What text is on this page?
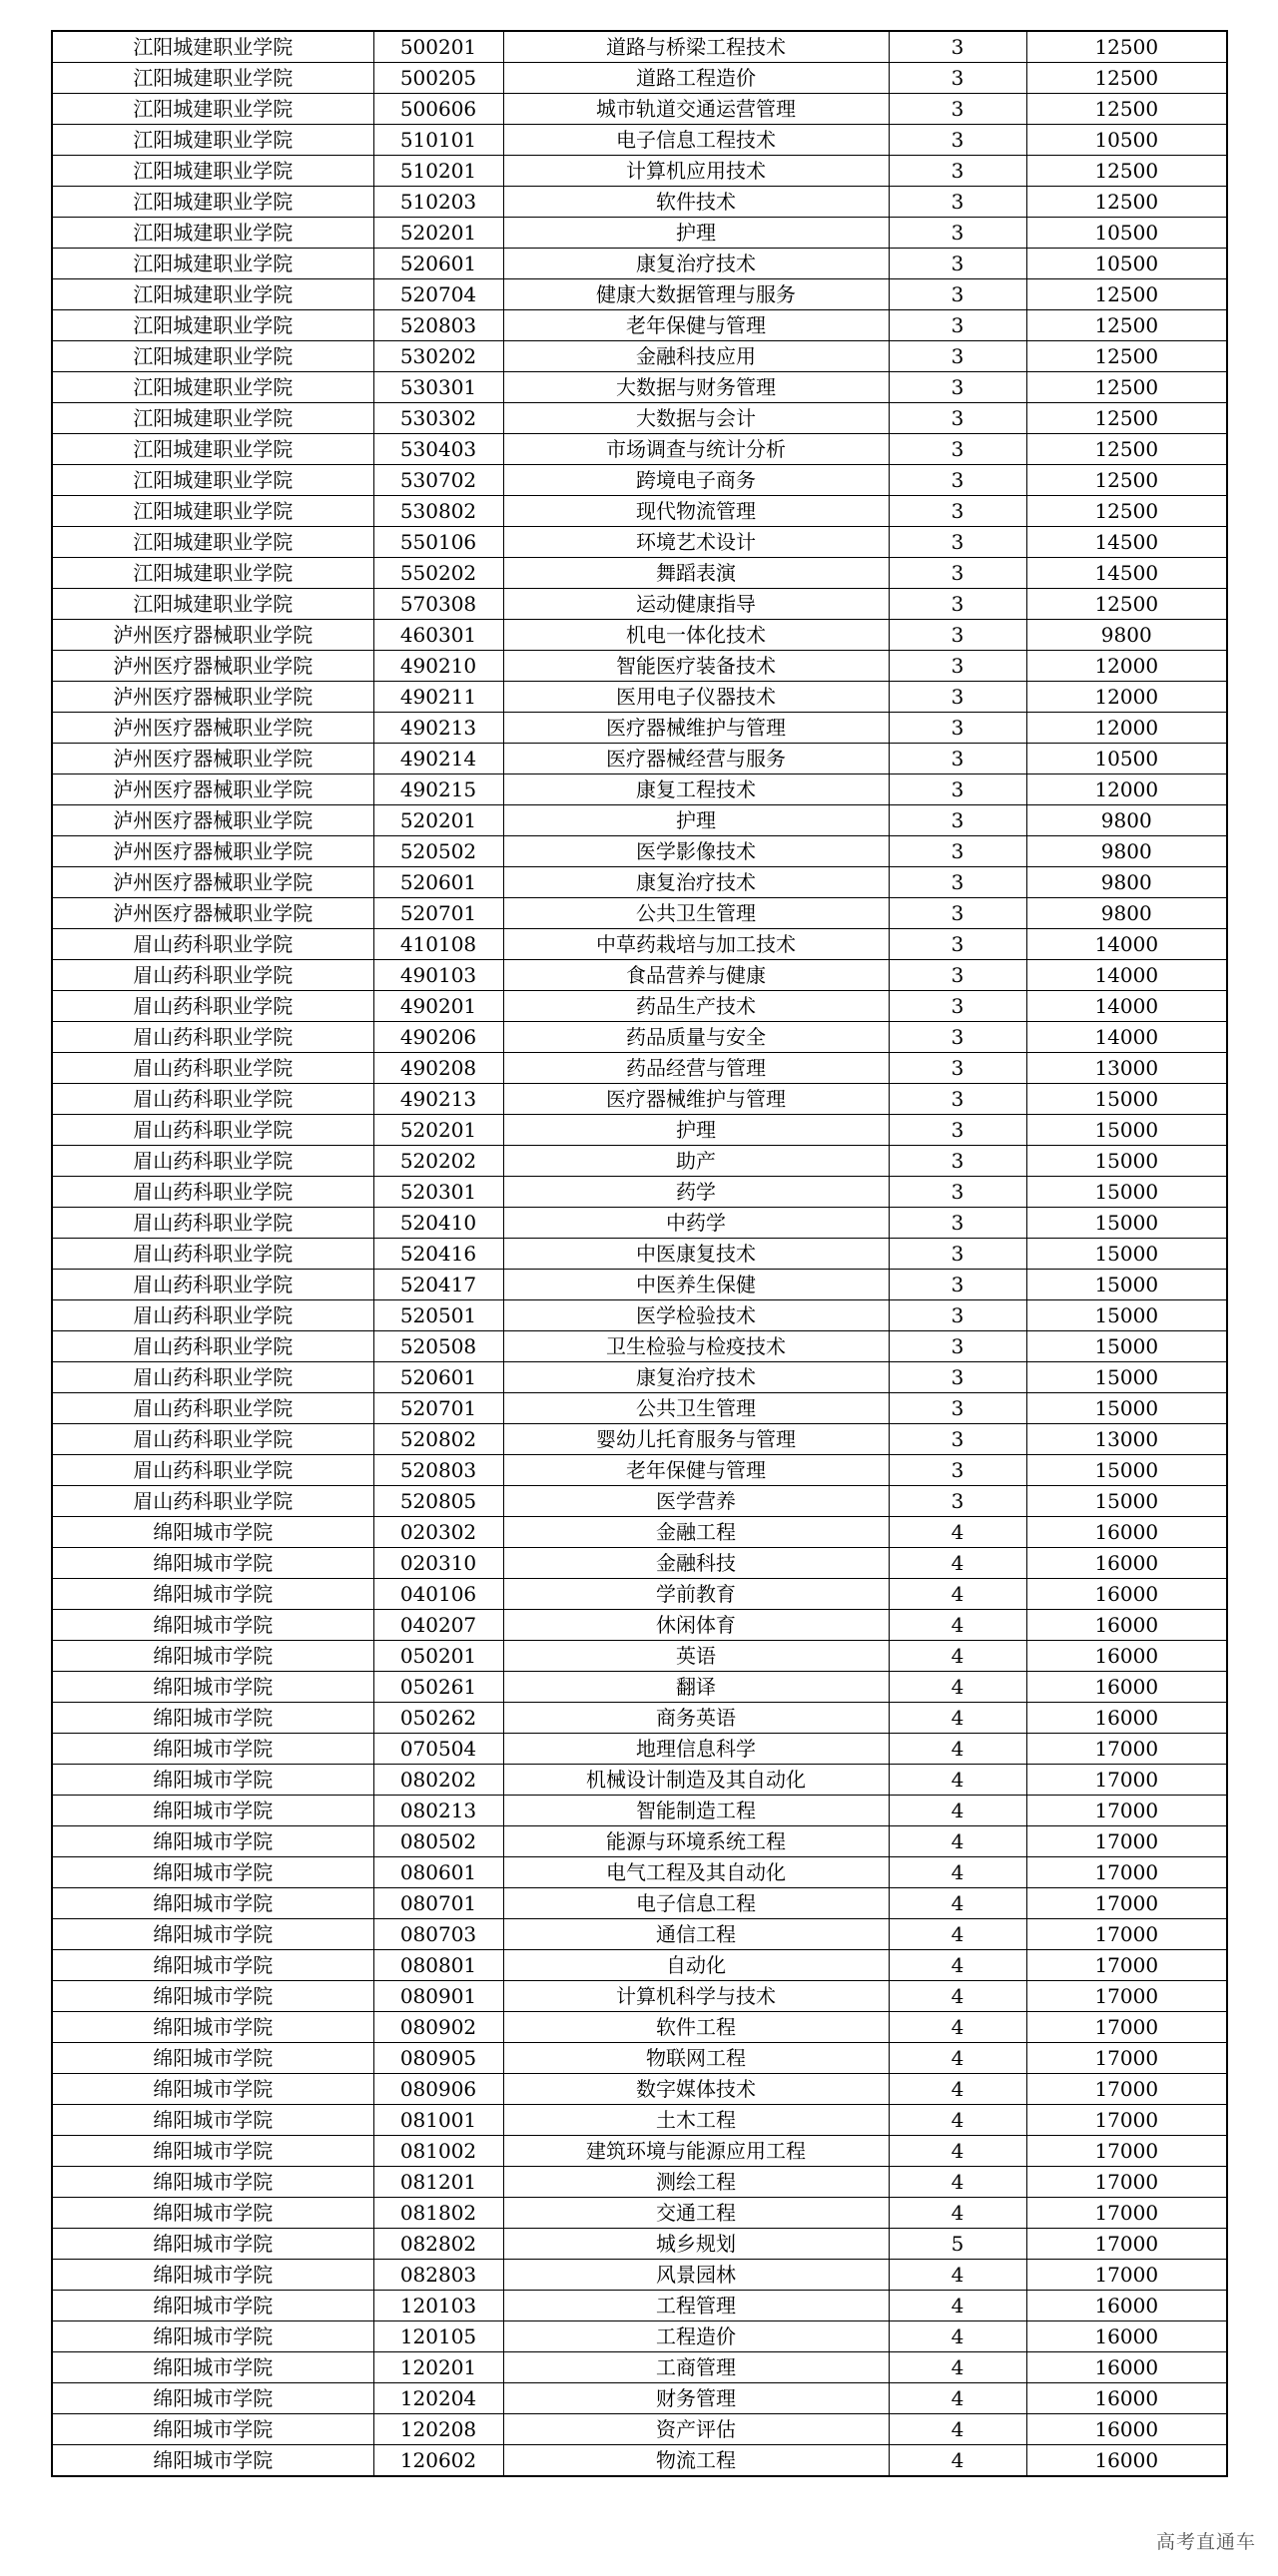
江阳城建职业学院	500201	道路与桥梁工程技术	3	12500
江阳城建职业学院	500205	道路工程造价	3	12500
江阳城建职业学院	500606	城市轨道交通运营管理	3	12500
江阳城建职业学院	510101	电子信息工程技术	3	10500
江阳城建职业学院	510201	计算机应用技术	3	12500
江阳城建职业学院	510203	软件技术	3	12500
江阳城建职业学院	520201	护理	3	10500
江阳城建职业学院	520601	康复治疗技术	3	10500
江阳城建职业学院	520704	健康大数据管理与服务	3	12500
江阳城建职业学院	520803	老年保健与管理	3	12500
江阳城建职业学院	530202	金融科技应用	3	12500
江阳城建职业学院	530301	大数据与财务管理	3	12500
江阳城建职业学院	530302	大数据与会计	3	12500
江阳城建职业学院	530403	市场调查与统计分析	3	12500
江阳城建职业学院	530702	跨境电子商务	3	12500
江阳城建职业学院	530802	现代物流管理	3	12500
江阳城建职业学院	550106	环境艺术设计	3	14500
江阳城建职业学院	550202	舞蹈表演	3	14500
江阳城建职业学院	570308	运动健康指导	3	12500
泸州医疗器械职业学院	460301	机电一体化技术	3	9800
泸州医疗器械职业学院	490210	智能医疗装备技术	3	12000
泸州医疗器械职业学院	490211	医用电子仪器技术	3	12000
泸州医疗器械职业学院	490213	医疗器械维护与管理	3	12000
泸州医疗器械职业学院	490214	医疗器械经营与服务	3	10500
泸州医疗器械职业学院	490215	康复工程技术	3	12000
泸州医疗器械职业学院	520201	护理	3	9800
泸州医疗器械职业学院	520502	医学影像技术	3	9800
泸州医疗器械职业学院	520601	康复治疗技术	3	9800
泸州医疗器械职业学院	520701	公共卫生管理	3	9800
眉山药科职业学院	410108	中草药栽培与加工技术	3	14000
眉山药科职业学院	490103	食品营养与健康	3	14000
眉山药科职业学院	490201	药品生产技术	3	14000
眉山药科职业学院	490206	药品质量与安全	3	14000
眉山药科职业学院	490208	药品经营与管理	3	13000
眉山药科职业学院	490213	医疗器械维护与管理	3	15000
眉山药科职业学院	520201	护理	3	15000
眉山药科职业学院	520202	助产	3	15000
眉山药科职业学院	520301	药学	3	15000
眉山药科职业学院	520410	中药学	3	15000
眉山药科职业学院	520416	中医康复技术	3	15000
眉山药科职业学院	520417	中医养生保健	3	15000
眉山药科职业学院	520501	医学检验技术	3	15000
眉山药科职业学院	520508	卫生检验与检疫技术	3	15000
眉山药科职业学院	520601	康复治疗技术	3	15000
眉山药科职业学院	520701	公共卫生管理	3	15000
眉山药科职业学院	520802	婴幼儿托育服务与管理	3	13000
眉山药科职业学院	520803	老年保健与管理	3	15000
眉山药科职业学院	520805	医学营养	3	15000
绵阳城市学院	020302	金融工程	4	16000
绵阳城市学院	020310	金融科技	4	16000
绵阳城市学院	040106	学前教育	4	16000
绵阳城市学院	040207	休闲体育	4	16000
绵阳城市学院	050201	英语	4	16000
绵阳城市学院	050261	翻译	4	16000
绵阳城市学院	050262	商务英语	4	16000
绵阳城市学院	070504	地理信息科学	4	17000
绵阳城市学院	080202	机械设计制造及其自动化	4	17000
绵阳城市学院	080213	智能制造工程	4	17000
绵阳城市学院	080502	能源与环境系统工程	4	17000
绵阳城市学院	080601	电气工程及其自动化	4	17000
绵阳城市学院	080701	电子信息工程	4	17000
绵阳城市学院	080703	通信工程	4	17000
绵阳城市学院	080801	自动化	4	17000
绵阳城市学院	080901	计算机科学与技术	4	17000
绵阳城市学院	080902	软件工程	4	17000
绵阳城市学院	080905	物联网工程	4	17000
绵阳城市学院	080906	数字媒体技术	4	17000
绵阳城市学院	081001	土木工程	4	17000
绵阳城市学院	081002	建筑环境与能源应用工程	4	17000
绵阳城市学院	081201	测绘工程	4	17000
绵阳城市学院	081802	交通工程	4	17000
绵阳城市学院	082802	城乡规划	5	17000
绵阳城市学院	082803	风景园林	4	17000
绵阳城市学院	120103	工程管理	4	16000
绵阳城市学院	120105	工程造价	4	16000
绵阳城市学院	120201	工商管理	4	16000
绵阳城市学院	120204	财务管理	4	16000
绵阳城市学院	120208	资产评估	4	16000
绵阳城市学院	120602	物流工程	4	16000
高考直通车
